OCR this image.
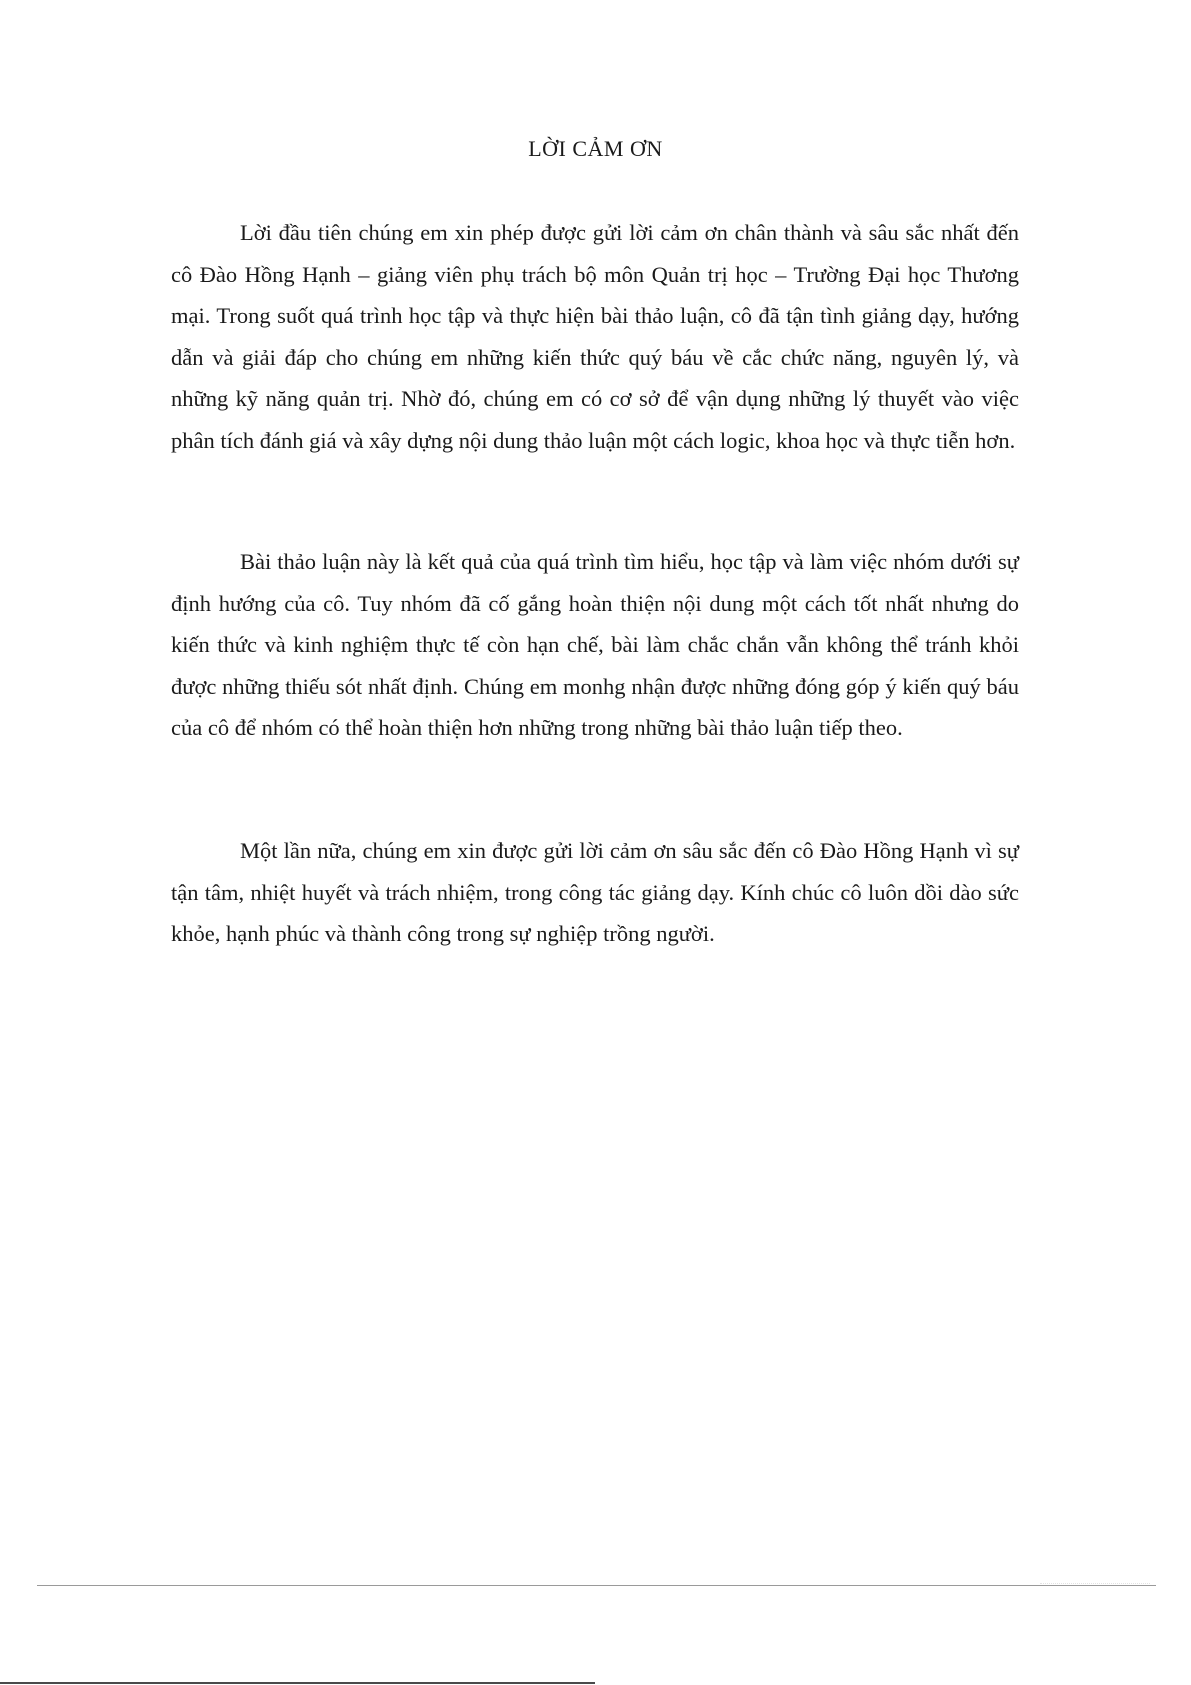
LỜI CẢM ƠN

Lời đầu tiên chúng em xin phép được gửi lời cảm ơn chân thành và sâu sắc nhất đến cô Đào Hồng Hạnh – giảng viên phụ trách bộ môn Quản trị học – Trường Đại học Thương mại. Trong suốt quá trình học tập và thực hiện bài thảo luận, cô đã tận tình giảng dạy, hướng dẫn và giải đáp cho chúng em những kiến thức quý báu về cắc chức năng, nguyên lý, và những kỹ năng quản trị. Nhờ đó, chúng em có cơ sở để vận dụng những lý thuyết vào việc phân tích đánh giá và xây dựng nội dung thảo luận một cách logic, khoa học và thực tiễn hơn.

Bài thảo luận này là kết quả của quá trình tìm hiểu, học tập và làm việc nhóm dưới sự định hướng của cô. Tuy nhóm đã cố gắng hoàn thiện nội dung một cách tốt nhất nhưng do kiến thức và kinh nghiệm thực tế còn hạn chế, bài làm chắc chắn vẫn không thể tránh khỏi được những thiếu sót nhất định. Chúng em monhg nhận được những đóng góp ý kiến quý báu của cô để nhóm có thể hoàn thiện hơn những trong những bài thảo luận tiếp theo.

Một lần nữa, chúng em xin được gửi lời cảm ơn sâu sắc đến cô Đào Hồng Hạnh vì sự tận tâm, nhiệt huyết và trách nhiệm, trong công tác giảng dạy. Kính chúc cô luôn dồi dào sức khỏe, hạnh phúc và thành công trong sự nghiệp trồng người.
